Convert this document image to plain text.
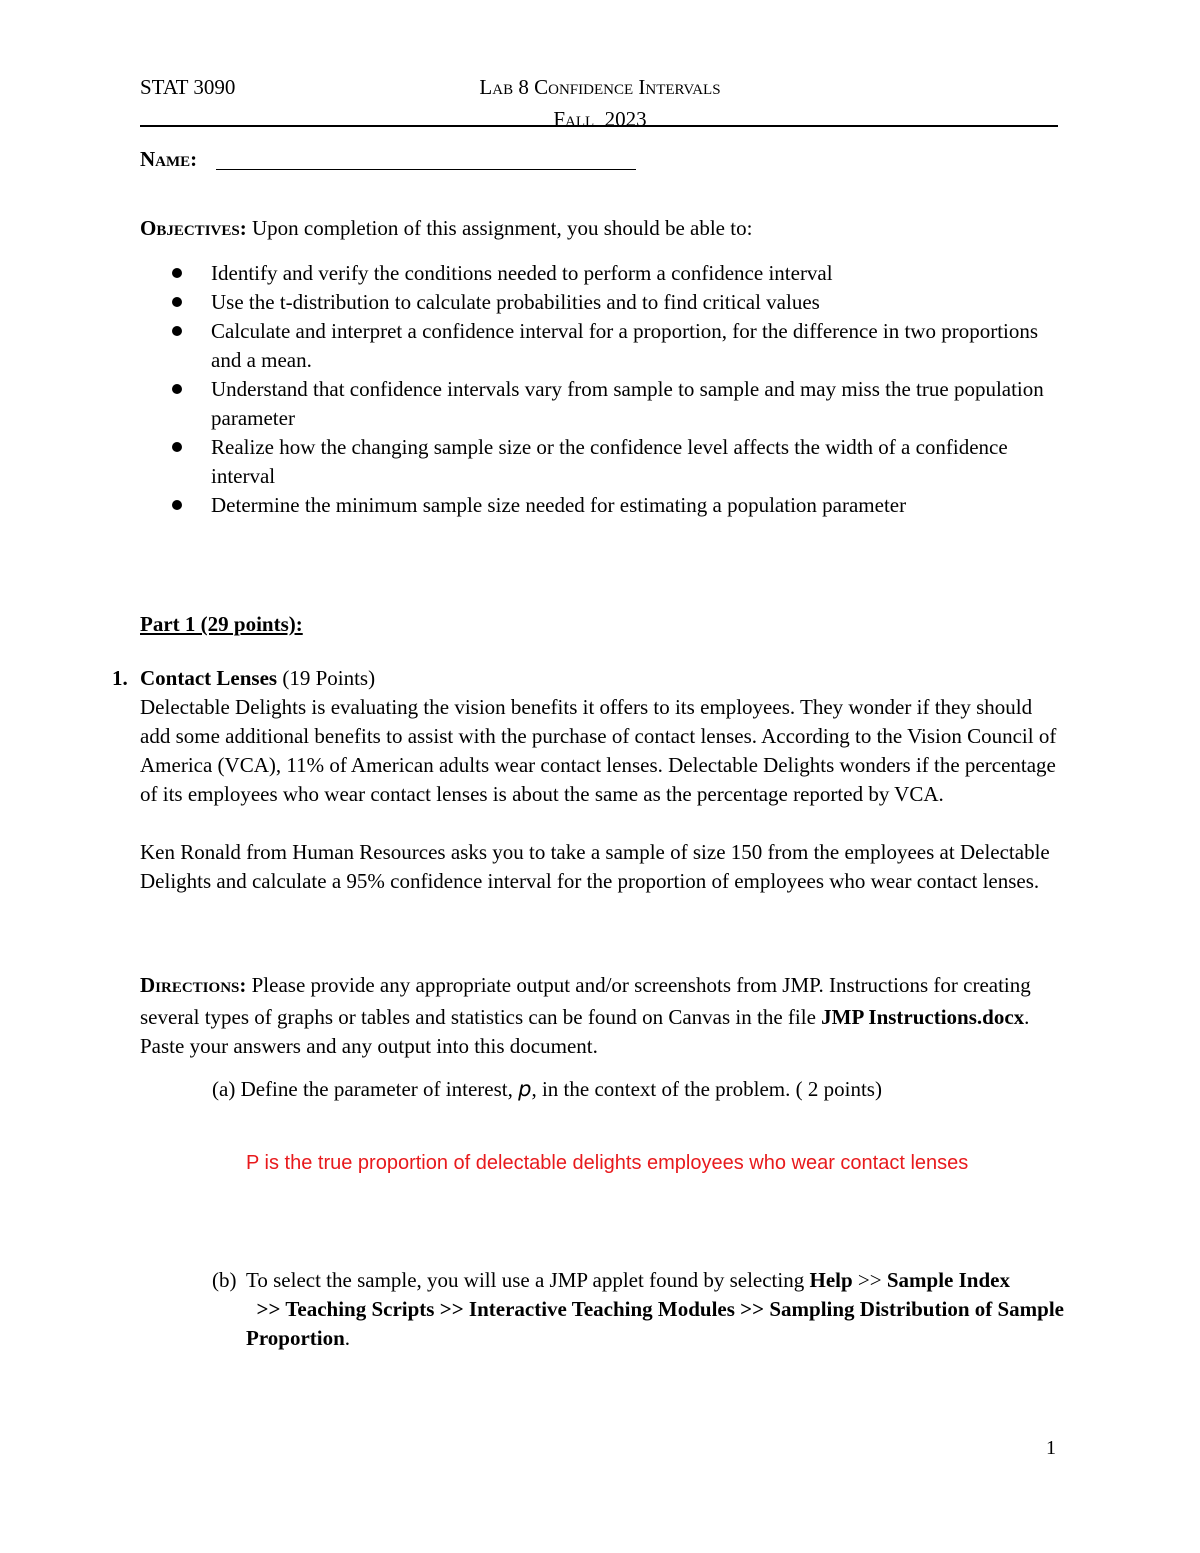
STAT 3090	LAB 8 CONFIDENCE INTERVALS
FALL  2023
NAME:
OBJECTIVES: Upon completion of this assignment, you should be able to:
Identify and verify the conditions needed to perform a confidence interval
Use the t-distribution to calculate probabilities and to find critical values
Calculate and interpret a confidence interval for a proportion, for the difference in two proportions and a mean.
Understand that confidence intervals vary from sample to sample and may miss the true population parameter
Realize how the changing sample size or the confidence level affects the width of a confidence interval
Determine the minimum sample size needed for estimating a population parameter
Part 1 (29 points):
1. Contact Lenses (19 Points)

Delectable Delights is evaluating the vision benefits it offers to its employees. They wonder if they should add some additional benefits to assist with the purchase of contact lenses. According to the Vision Council of America (VCA), 11% of American adults wear contact lenses. Delectable Delights wonders if the percentage of its employees who wear contact lenses is about the same as the percentage reported by VCA.

Ken Ronald from Human Resources asks you to take a sample of size 150 from the employees at Delectable Delights and calculate a 95% confidence interval for the proportion of employees who wear contact lenses.

DIRECTIONS: Please provide any appropriate output and/or screenshots from JMP. Instructions for creating several types of graphs or tables and statistics can be found on Canvas in the file JMP Instructions.docx. Paste your answers and any output into this document.
(a) Define the parameter of interest, p, in the context of the problem. ( 2 points)
P is the true proportion of delectable delights employees who wear contact lenses
(b) To select the sample, you will use a JMP applet found by selecting Help >> Sample Index  >> Teaching Scripts >> Interactive Teaching Modules >> Sampling Distribution of Sample Proportion.
1
